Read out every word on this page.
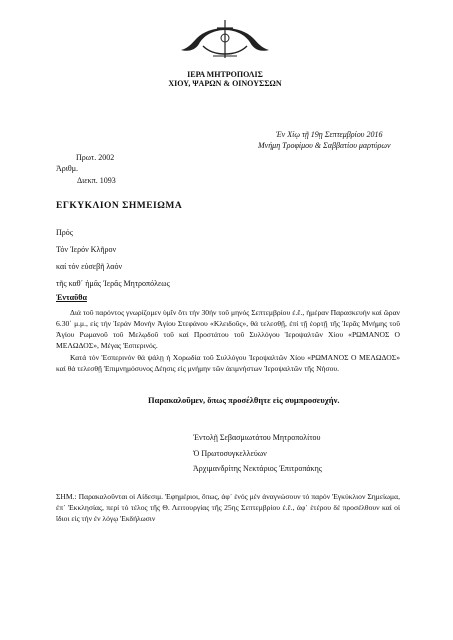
ΙΕΡΑ ΜΗΤΡΟΠΟΛΙΣ
ΧΙΟΥ, ΨΑΡΩΝ & ΟΙΝΟΥΣΣΩΝ
Ἐν Χίῳ τῇ 19ῃ Σεπτεμβρίου 2016
Μνήμη Τροφίμου & Σαββατίου μαρτύρων
Πρωτ. 2002
Ἀριθμ.
Διεκπ. 1093
ΕΓΚΥΚΛΙΟΝ ΣΗΜΕΙΩΜΑ
Πρός
Τόν Ἱερόν Κλῆρον
καί τόν εὐσεβῆ λαόν
τῆς καθ᾽ ἡμᾶς Ἱερᾶς Μητροπόλεως
Ἐνταῦθα
Διά τοῦ παρόντος γνωρίζομεν ὑμῖν ὅτι τήν 30ήν τοῦ μηνός Σεπτεμβρίου ἐ.ἔ., ἡμέραν Παρασκευήν καί ὥραν 6.30΄ μ.μ., εἰς τήν Ἱεράν Μονήν Ἁγίου Στεφάνου «Κλειδοῦς», θά τελεσθῇ, ἐπί τῇ ἑορτῇ τῆς Ἱερᾶς Μνήμης τοῦ Ἁγίου Ρωμανοῦ τοῦ Μελῳδοῦ τοῦ καί Προστάτου τοῦ Συλλόγου Ἱεροψαλτῶν Χίου «ΡΩΜΑΝΟΣ Ο ΜΕΛΩΔΟΣ», Μέγας Ἑσπερινός.
Κατά τόν Ἑσπερινόν θά ψάλῃ ἡ Χορωδία τοῦ Συλλόγου Ἱεροψαλτῶν Χίου «ΡΩΜΑΝΟΣ Ο ΜΕΛΩΔΟΣ» καί θά τελεσθῇ Ἐπιμνημόσυνος Δέησις εἰς μνήμην τῶν ἀειμνήστων Ἱεροψαλτῶν τῆς Νήσου.
Παρακαλοῦμεν, ὅπως προσέλθητε εἰς συμπροσευχήν.
Ἐντολῇ Σεβασμιωτάτου Μητροπολίτου
Ὁ Πρωτοσυγκελλεύων
Ἀρχιμανδρίτης Νεκτάριος Ἐπιτροπάκης
ΣΗΜ.: Παρακαλοῦνται οἱ Αἰδεσιμ. Ἐφημέριοι, ὅπως, ἀφ᾽ ἑνός μέν ἀναγνώσουν τό παρόν Ἐγκύκλιον Σημείωμα, ἐπ᾽ Ἐκκλησίας, περί τό τέλος τῆς Θ. Λειτουργίας τῆς 25ης Σεπτεμβρίου ἐ.ἔ., ἀφ᾽ ἑτέρου δέ προσέλθουν καί οἱ ἴδιοι εἰς τήν ἐν λόγῳ Ἐκδήλωσιν
